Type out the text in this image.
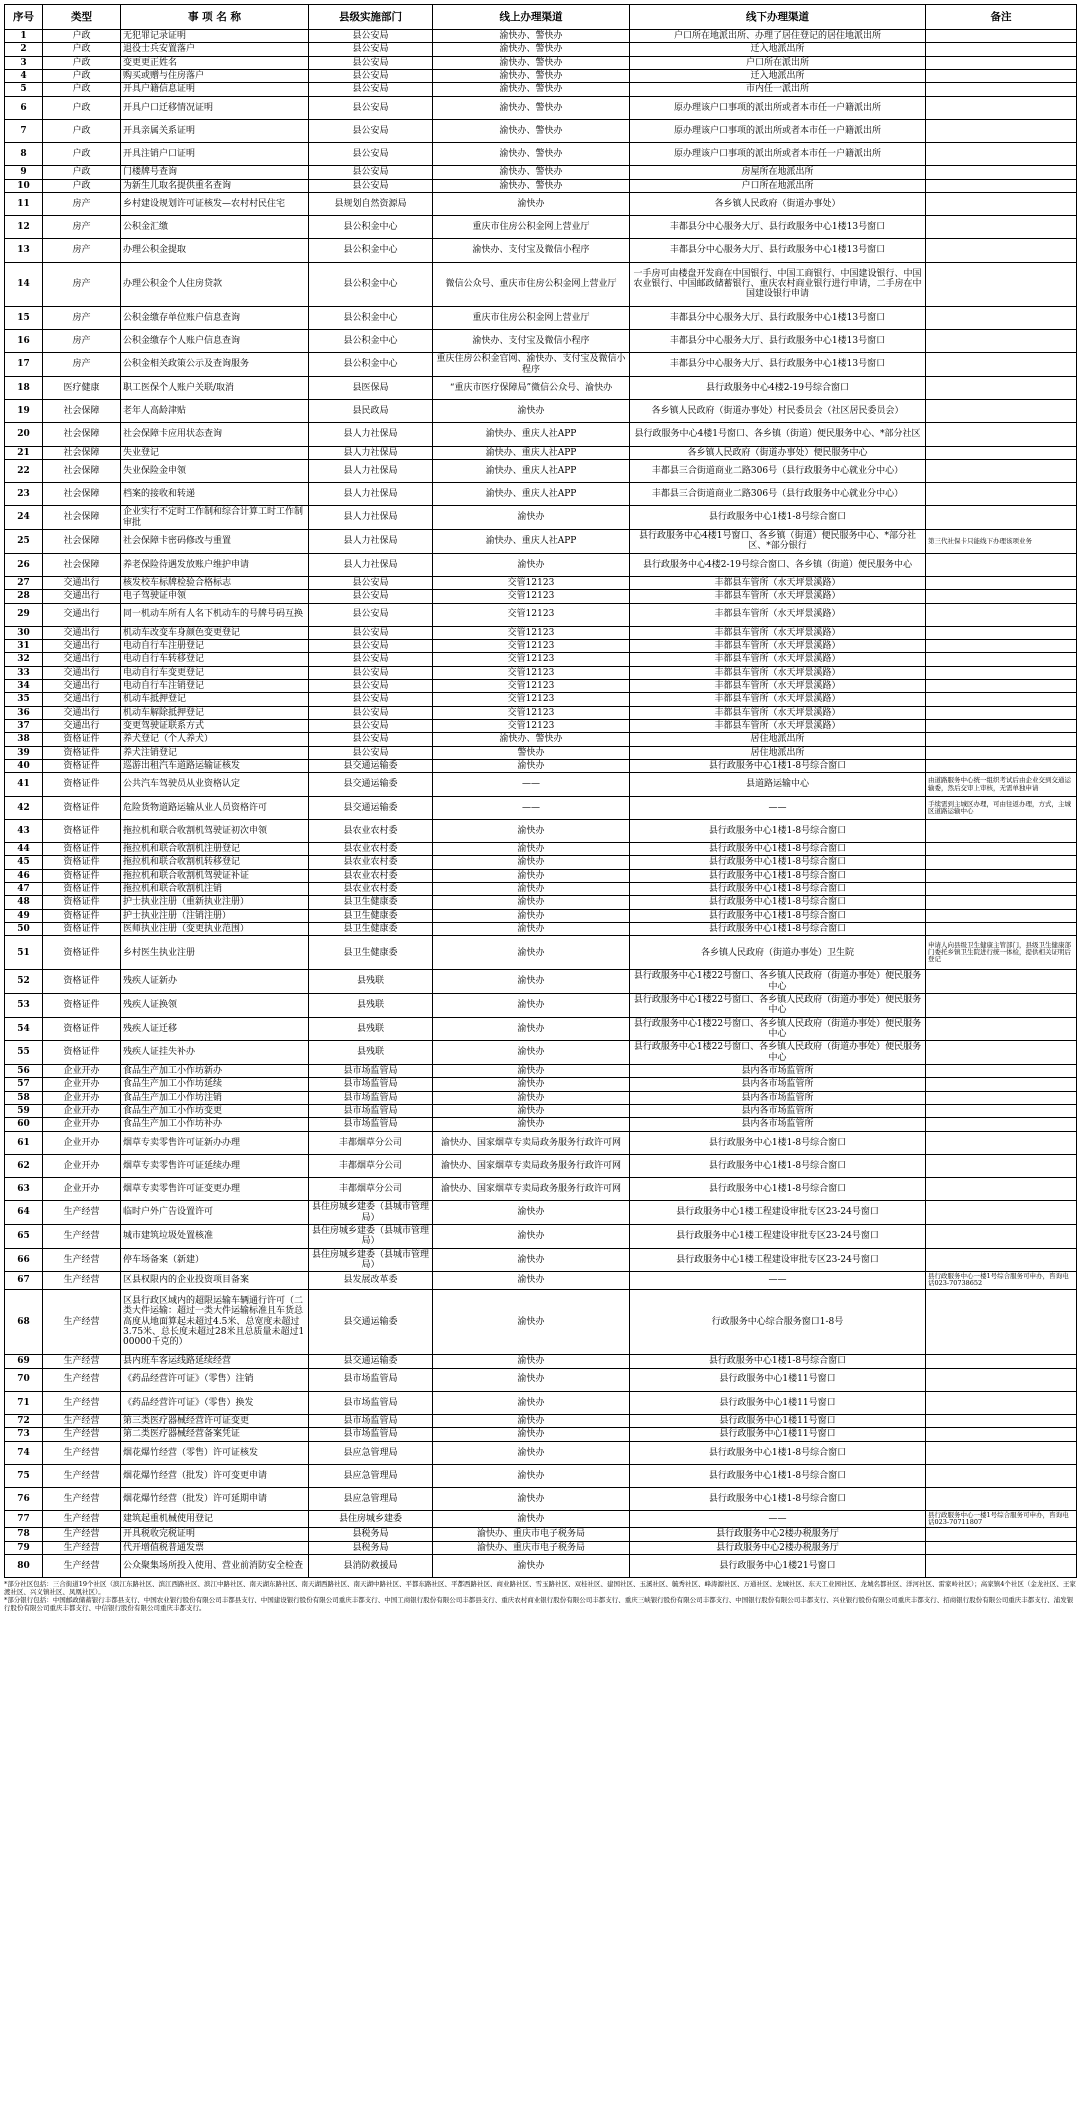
序号	类型	事 项 名 称	县级实施部门	线上办理渠道	线下办理渠道	备注
1	户政	无犯罪记录证明	县公安局	渝快办、警快办	户口所在地派出所、办理了居住登记的居住地派出所	
2	户政	退役士兵安置落户	县公安局	渝快办、警快办	迁入地派出所	
3	户政	变更更正姓名	县公安局	渝快办、警快办	户口所在派出所	
4	户政	购买或赠与住房落户	县公安局	渝快办、警快办	迁入地派出所	
5	户政	开具户籍信息证明	县公安局	渝快办、警快办	市内任一派出所	
6	户政	开具户口迁移情况证明	县公安局	渝快办、警快办	原办理该户口事项的派出所或者本市任一户籍派出所	
7	户政	开具亲属关系证明	县公安局	渝快办、警快办	原办理该户口事项的派出所或者本市任一户籍派出所	
8	户政	开具注销户口证明	县公安局	渝快办、警快办	原办理该户口事项的派出所或者本市任一户籍派出所	
9	户政	门楼牌号查询	县公安局	渝快办、警快办	房屋所在地派出所	
10	户政	为新生儿取名提供重名查询	县公安局	渝快办、警快办	户口所在地派出所	
11	房产	乡村建设规划许可证核发—农村村民住宅	县规划自然资源局	渝快办	各乡镇人民政府（街道办事处）	
12	房产	公积金汇缴	县公积金中心	重庆市住房公积金网上营业厅	丰都县分中心服务大厅、县行政服务中心1楼13号窗口	
13	房产	办理公积金提取	县公积金中心	渝快办、支付宝及微信小程序	丰都县分中心服务大厅、县行政服务中心1楼13号窗口	
14	房产	办理公积金个人住房贷款	县公积金中心	微信公众号、重庆市住房公积金网上营业厅	一手房可由楼盘开发商在中国银行、中国工商银行、中国建设银行、中国农业银行、中国邮政储蓄银行、重庆农村商业银行进行申请，二手房在中国建设银行申请	
15	房产	公积金缴存单位账户信息查询	县公积金中心	重庆市住房公积金网上营业厅	丰都县分中心服务大厅、县行政服务中心1楼13号窗口	
16	房产	公积金缴存个人账户信息查询	县公积金中心	渝快办、支付宝及微信小程序	丰都县分中心服务大厅、县行政服务中心1楼13号窗口	
17	房产	公积金相关政策公示及查询服务	县公积金中心	重庆住房公积金官网、渝快办、支付宝及微信小程序	丰都县分中心服务大厅、县行政服务中心1楼13号窗口	
18	医疗健康	职工医保个人账户关联/取消	县医保局	“重庆市医疗保障局”微信公众号、渝快办	县行政服务中心4楼2-19号综合窗口	
19	社会保障	老年人高龄津贴	县民政局	渝快办	各乡镇人民政府（街道办事处）村民委员会（社区居民委员会）	
20	社会保障	社会保障卡应用状态查询	县人力社保局	渝快办、重庆人社APP	县行政服务中心4楼1号窗口、各乡镇（街道）便民服务中心、*部分社区	
21	社会保障	失业登记	县人力社保局	渝快办、重庆人社APP	各乡镇人民政府（街道办事处）便民服务中心	
22	社会保障	失业保险金申领	县人力社保局	渝快办、重庆人社APP	丰都县三合街道商业二路306号（县行政服务中心就业分中心）	
23	社会保障	档案的接收和转递	县人力社保局	渝快办、重庆人社APP	丰都县三合街道商业二路306号（县行政服务中心就业分中心）	
24	社会保障	企业实行不定时工作制和综合计算工时工作制审批	县人力社保局	渝快办	县行政服务中心1楼1-8号综合窗口	
25	社会保障	社会保障卡密码修改与重置	县人力社保局	渝快办、重庆人社APP	县行政服务中心4楼1号窗口、各乡镇（街道）便民服务中心、*部分社区、*部分银行	第三代社保卡只能线下办理该项业务
26	社会保障	养老保险待遇发放账户维护申请	县人力社保局	渝快办	县行政服务中心4楼2-19号综合窗口、各乡镇（街道）便民服务中心	
27	交通出行	核发校车标牌检验合格标志	县公安局	交管12123	丰都县车管所（水天坪景溪路）	
28	交通出行	电子驾驶证申领	县公安局	交管12123	丰都县车管所（水天坪景溪路）	
29	交通出行	同一机动车所有人名下机动车的号牌号码互换	县公安局	交管12123	丰都县车管所（水天坪景溪路）	
30	交通出行	机动车改变车身颜色变更登记	县公安局	交管12123	丰都县车管所（水天坪景溪路）	
31	交通出行	电动自行车注册登记	县公安局	交管12123	丰都县车管所（水天坪景溪路）	
32	交通出行	电动自行车转移登记	县公安局	交管12123	丰都县车管所（水天坪景溪路）	
33	交通出行	电动自行车变更登记	县公安局	交管12123	丰都县车管所（水天坪景溪路）	
34	交通出行	电动自行车注销登记	县公安局	交管12123	丰都县车管所（水天坪景溪路）	
35	交通出行	机动车抵押登记	县公安局	交管12123	丰都县车管所（水天坪景溪路）	
36	交通出行	机动车解除抵押登记	县公安局	交管12123	丰都县车管所（水天坪景溪路）	
37	交通出行	变更驾驶证联系方式	县公安局	交管12123	丰都县车管所（水天坪景溪路）	
38	资格证件	养犬登记（个人养犬）	县公安局	渝快办、警快办	居住地派出所	
39	资格证件	养犬注销登记	县公安局	警快办	居住地派出所	
40	资格证件	巡游出租汽车道路运输证核发	县交通运输委	渝快办	县行政服务中心1楼1-8号综合窗口	
41	资格证件	公共汽车驾驶员从业资格认定	县交通运输委	——	县道路运输中心	由道路服务中心统一组织考试后由企业交到交通运输委，然后交审上审核，无需单独申请
42	资格证件	危险货物道路运输从业人员资格许可	县交通运输委	——	——	手续需到主城区办理，可由往返办理，方式，主城区道路运输中心
43	资格证件	拖拉机和联合收割机驾驶证初次申领	县农业农村委	渝快办	县行政服务中心1楼1-8号综合窗口	
44	资格证件	拖拉机和联合收割机注册登记	县农业农村委	渝快办	县行政服务中心1楼1-8号综合窗口	
45	资格证件	拖拉机和联合收割机转移登记	县农业农村委	渝快办	县行政服务中心1楼1-8号综合窗口	
46	资格证件	拖拉机和联合收割机驾驶证补证	县农业农村委	渝快办	县行政服务中心1楼1-8号综合窗口	
47	资格证件	拖拉机和联合收割机注销	县农业农村委	渝快办	县行政服务中心1楼1-8号综合窗口	
48	资格证件	护士执业注册（重新执业注册）	县卫生健康委	渝快办	县行政服务中心1楼1-8号综合窗口	
49	资格证件	护士执业注册（注销注册）	县卫生健康委	渝快办	县行政服务中心1楼1-8号综合窗口	
50	资格证件	医师执业注册（变更执业范围）	县卫生健康委	渝快办	县行政服务中心1楼1-8号综合窗口	
51	资格证件	乡村医生执业注册	县卫生健康委	渝快办	各乡镇人民政府（街道办事处）卫生院	申请人向县级卫生健康主管部门，县级卫生健康部门委托乡镇卫生院进行统一体检，提供相关证明后登记
52	资格证件	残疾人证新办	县残联	渝快办	县行政服务中心1楼22号窗口、各乡镇人民政府（街道办事处）便民服务中心	
53	资格证件	残疾人证换领	县残联	渝快办	县行政服务中心1楼22号窗口、各乡镇人民政府（街道办事处）便民服务中心	
54	资格证件	残疾人证迁移	县残联	渝快办	县行政服务中心1楼22号窗口、各乡镇人民政府（街道办事处）便民服务中心	
55	资格证件	残疾人证挂失补办	县残联	渝快办	县行政服务中心1楼22号窗口、各乡镇人民政府（街道办事处）便民服务中心	
56	企业开办	食品生产加工小作坊新办	县市场监管局	渝快办	县内各市场监管所	
57	企业开办	食品生产加工小作坊延续	县市场监管局	渝快办	县内各市场监管所	
58	企业开办	食品生产加工小作坊注销	县市场监管局	渝快办	县内各市场监管所	
59	企业开办	食品生产加工小作坊变更	县市场监管局	渝快办	县内各市场监管所	
60	企业开办	食品生产加工小作坊补办	县市场监管局	渝快办	县内各市场监管所	
61	企业开办	烟草专卖零售许可证新办办理	丰都烟草分公司	渝快办、国家烟草专卖局政务服务行政许可网	县行政服务中心1楼1-8号综合窗口	
62	企业开办	烟草专卖零售许可证延续办理	丰都烟草分公司	渝快办、国家烟草专卖局政务服务行政许可网	县行政服务中心1楼1-8号综合窗口	
63	企业开办	烟草专卖零售许可证变更办理	丰都烟草分公司	渝快办、国家烟草专卖局政务服务行政许可网	县行政服务中心1楼1-8号综合窗口	
64	生产经营	临时户外广告设置许可	县住房城乡建委（县城市管理局）	渝快办	县行政服务中心1楼工程建设审批专区23-24号窗口	
65	生产经营	城市建筑垃圾处置核准	县住房城乡建委（县城市管理局）	渝快办	县行政服务中心1楼工程建设审批专区23-24号窗口	
66	生产经营	停车场备案（新建）	县住房城乡建委（县城市管理局）	渝快办	县行政服务中心1楼工程建设审批专区23-24号窗口	
67	生产经营	区县权限内的企业投资项目备案	县发展改革委	渝快办	——	县行政服务中心一楼1号综合服务可申办，咨询电话023-70738652
68	生产经营	区县行政区域内的超限运输车辆通行许可（二类大件运输：超过一类大件运输标准且车货总高度从地面算起未超过4.5米、总宽度未超过3.75米、总长度未超过28米且总质量未超过100000千克的）	县交通运输委	渝快办	行政服务中心综合服务窗口1-8号	
69	生产经营	县内班车客运线路延续经营	县交通运输委	渝快办	县行政服务中心1楼1-8号综合窗口	
70	生产经营	《药品经营许可证》（零售）注销	县市场监管局	渝快办	县行政服务中心1楼11号窗口	
71	生产经营	《药品经营许可证》（零售）换发	县市场监管局	渝快办	县行政服务中心1楼11号窗口	
72	生产经营	第三类医疗器械经营许可证变更	县市场监管局	渝快办	县行政服务中心1楼11号窗口	
73	生产经营	第二类医疗器械经营备案凭证	县市场监管局	渝快办	县行政服务中心1楼11号窗口	
74	生产经营	烟花爆竹经营（零售）许可证核发	县应急管理局	渝快办	县行政服务中心1楼1-8号综合窗口	
75	生产经营	烟花爆竹经营（批发）许可变更申请	县应急管理局	渝快办	县行政服务中心1楼1-8号综合窗口	
76	生产经营	烟花爆竹经营（批发）许可延期申请	县应急管理局	渝快办	县行政服务中心1楼1-8号综合窗口	
77	生产经营	建筑起重机械使用登记	县住房城乡建委	渝快办	——	县行政服务中心一楼1号综合服务可申办，咨询电话023-70711807
78	生产经营	开具税收完税证明	县税务局	渝快办、重庆市电子税务局	县行政服务中心2楼办税服务厅	
79	生产经营	代开增值税普通发票	县税务局	渝快办、重庆市电子税务局	县行政服务中心2楼办税服务厅	
80	生产经营	公众聚集场所投入使用、营业前消防安全检查	县消防救援局	渝快办	县行政服务中心1楼21号窗口	
*部分社区包括：三合街道19个社区（滨江东路社区、滨江西路社区、滨江中路社区、南天湖东路社区、南天湖西路社区、南天湖中路社区、平都东路社区、平都西路社区、商业路社区、雪玉路社区、双桂社区、建国社区、玉溪社区、毓秀社区、峰涛源社区、万通社区、龙城社区、东天工业园社区、龙城名都社区、洋河社区、雷家岭社区）；高家镇4个社区（金龙社区、王家渡社区、兴义镇社区、凤凰社区）。
*部分银行包括：中国邮政储蓄银行丰都县支行、中国农业银行股份有限公司丰都县支行、中国建设银行股份有限公司重庆丰都支行、中国工商银行股份有限公司丰都县支行、重庆农村商业银行股份有限公司丰都支行、重庆三峡银行股份有限公司丰都支行、中国银行股份有限公司丰都支行、兴业银行股份有限公司重庆丰都支行、招商银行股份有限公司重庆丰都支行、浦发银行股份有限公司重庆丰都支行、中信银行股份有限公司重庆丰都支行。
